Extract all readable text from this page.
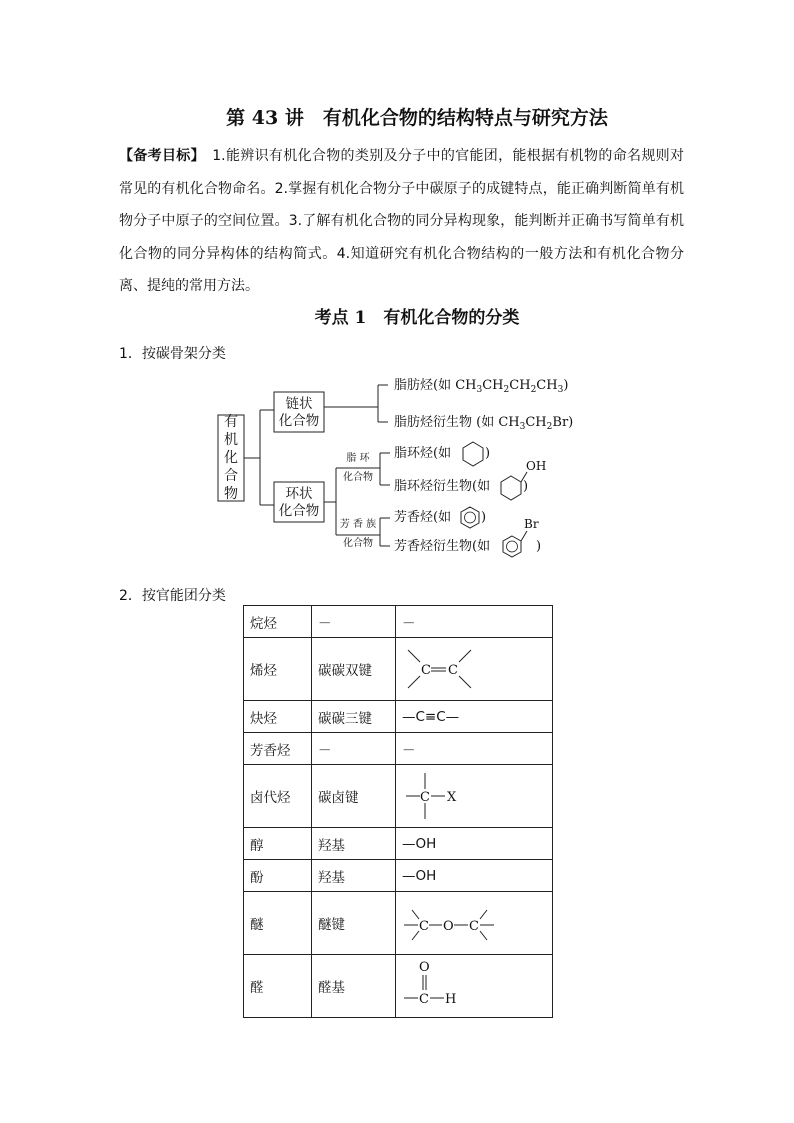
第 43 讲　有机化合物的结构特点与研究方法
【备考目标】　1.能辨识有机化合物的类别及分子中的官能团，能根据有机物的命名规则对常见的有机化合物命名。2.掌握有机化合物分子中碳原子的成键特点，能正确判断简单有机物分子中原子的空间位置。3.了解有机化合物的同分异构现象，能判断并正确书写简单有机化合物的同分异构体的结构简式。4.知道研究有机化合物结构的一般方法和有机化合物分离、提纯的常用方法。
考点 1　有机化合物的分类
1．按碳骨架分类
有
机
化
合
物
链状
化合物
环状
化合物
脂 环
化合物
芳 香 族
化合物
脂肪烃(如 $CH_3CH_2CH_2CH_3$)
脂肪烃衍生物 (如 $CH_3CH_2Br$)
脂环烃(如	)
脂环烃衍生物(如
OH
)
芳香烃(如 )
芳香烃衍生物(如
Br
)
2．按官能团分类
烷烃	－	－
烯烃	碳碳双键	C C

炔烃	碳碳三键	—C≡C—
芳香烃	－	－
卤代烃	碳卤键	C X

醇	羟基	—OH
酚	羟基	—OH
醚	醚键	C O C

醛	醛基	O
C H
